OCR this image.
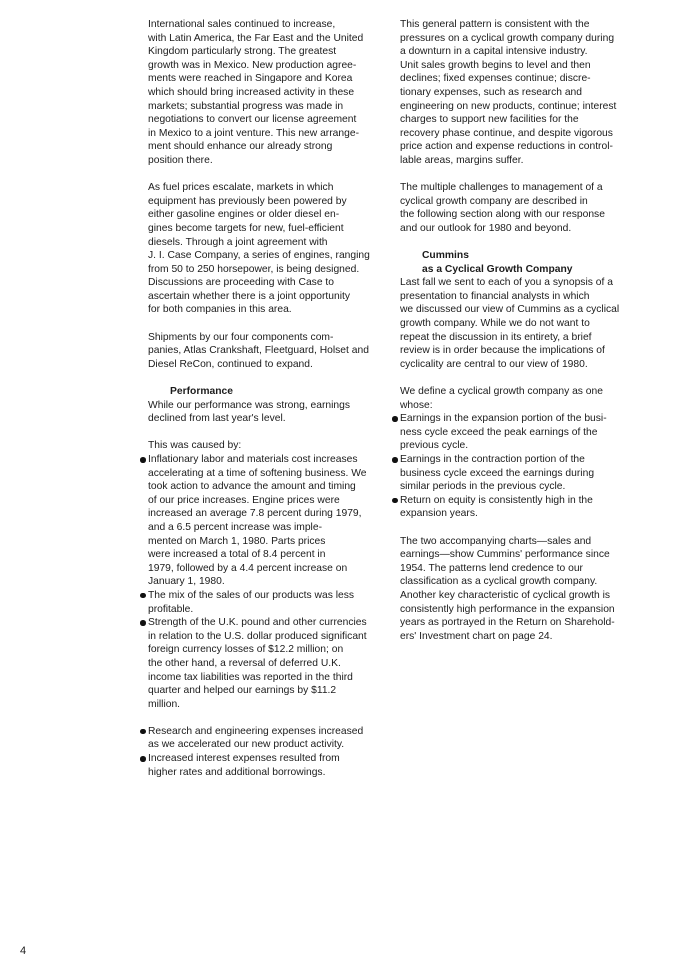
International sales continued to increase,
with Latin America, the Far East and the United
Kingdom particularly strong. The greatest
growth was in Mexico. New production agree-
ments were reached in Singapore and Korea
which should bring increased activity in these
markets; substantial progress was made in
negotiations to convert our license agreement
in Mexico to a joint venture. This new arrange-
ment should enhance our already strong
position there.
As fuel prices escalate, markets in which
equipment has previously been powered by
either gasoline engines or older diesel en-
gines become targets for new, fuel-efficient
diesels. Through a joint agreement with
J. I. Case Company, a series of engines, ranging
from 50 to 250 horsepower, is being designed.
Discussions are proceeding with Case to
ascertain whether there is a joint opportunity
for both companies in this area.
Shipments by our four components com-
panies, Atlas Crankshaft, Fleetguard, Holset and
Diesel ReCon, continued to expand.
Performance
While our performance was strong, earnings
declined from last year's level.
This was caused by:
Inflationary labor and materials cost increases
accelerating at a time of softening business. We
took action to advance the amount and timing
of our price increases. Engine prices were
increased an average 7.8 percent during 1979,
and a 6.5 percent increase was imple-
mented on March 1, 1980. Parts prices
were increased a total of 8.4 percent in
1979, followed by a 4.4 percent increase on
January 1, 1980.
The mix of the sales of our products was less
profitable.
Strength of the U.K. pound and other currencies
in relation to the U.S. dollar produced significant
foreign currency losses of $12.2 million; on
the other hand, a reversal of deferred U.K.
income tax liabilities was reported in the third
quarter and helped our earnings by $11.2
million.
Research and engineering expenses increased
as we accelerated our new product activity.
Increased interest expenses resulted from
higher rates and additional borrowings.
This general pattern is consistent with the
pressures on a cyclical growth company during
a downturn in a capital intensive industry.
Unit sales growth begins to level and then
declines; fixed expenses continue; discre-
tionary expenses, such as research and
engineering on new products, continue; interest
charges to support new facilities for the
recovery phase continue, and despite vigorous
price action and expense reductions in control-
lable areas, margins suffer.
The multiple challenges to management of a
cyclical growth company are described in
the following section along with our response
and our outlook for 1980 and beyond.
Cummins
as a Cyclical Growth Company
Last fall we sent to each of you a synopsis of a
presentation to financial analysts in which
we discussed our view of Cummins as a cyclical
growth company. While we do not want to
repeat the discussion in its entirety, a brief
review is in order because the implications of
cyclicality are central to our view of 1980.
We define a cyclical growth company as one
whose:
Earnings in the expansion portion of the busi-
ness cycle exceed the peak earnings of the
previous cycle.
Earnings in the contraction portion of the
business cycle exceed the earnings during
similar periods in the previous cycle.
Return on equity is consistently high in the
expansion years.
The two accompanying charts—sales and
earnings—show Cummins' performance since
1954. The patterns lend credence to our
classification as a cyclical growth company.
Another key characteristic of cyclical growth is
consistently high performance in the expansion
years as portrayed in the Return on Sharehold-
ers' Investment chart on page 24.
4
